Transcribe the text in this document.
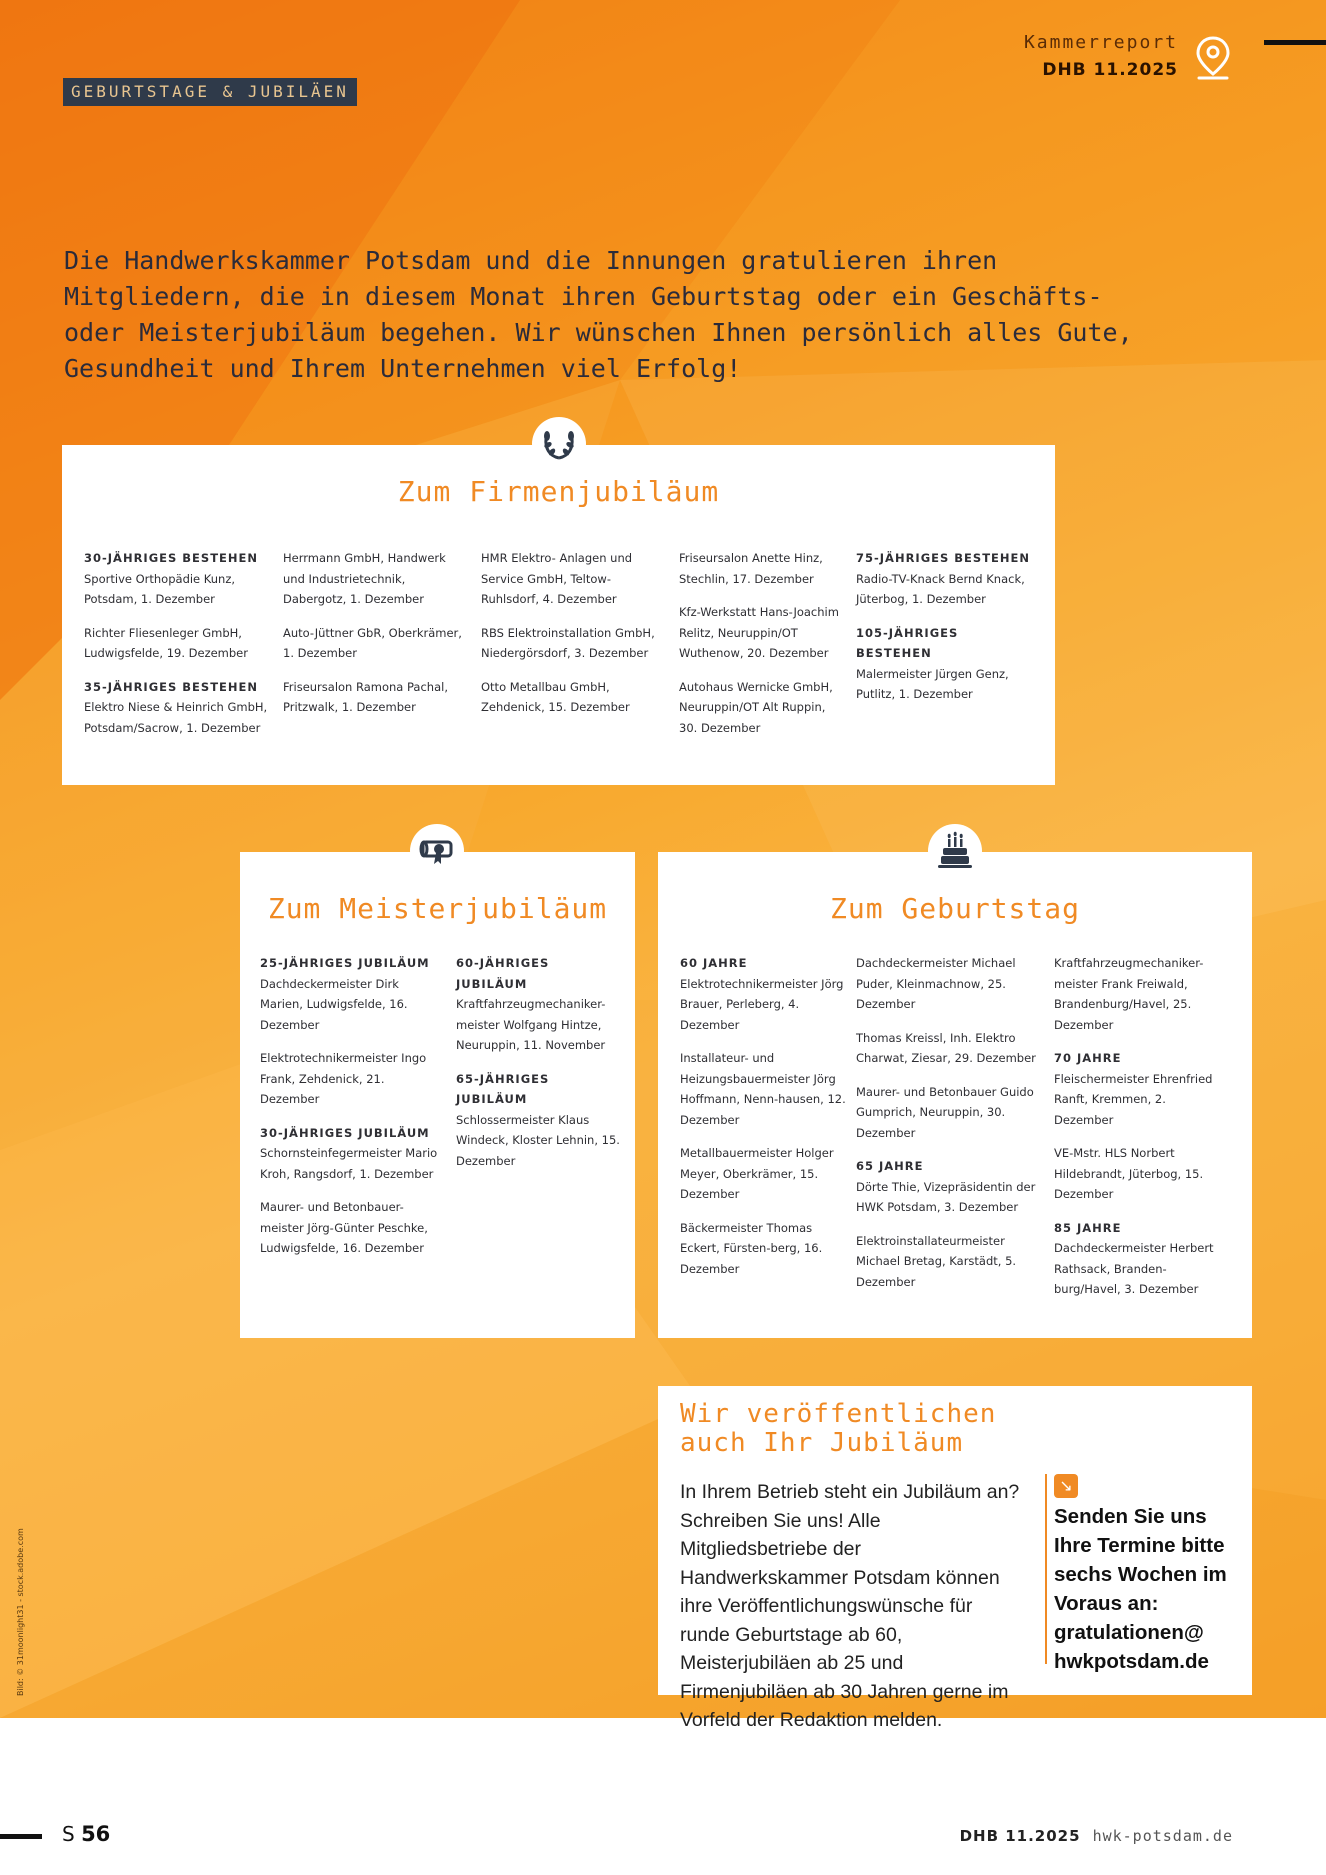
Kammerreport
DHB 11.2025
GEBURTSTAGE & JUBILÄEN
Die Handwerkskammer Potsdam und die Innungen gratulieren ihren Mitgliedern, die in diesem Monat ihren Geburtstag oder ein Geschäfts- oder Meisterjubiläum begehen. Wir wünschen Ihnen persönlich alles Gute, Gesundheit und Ihrem Unternehmen viel Erfolg!
Zum Firmenjubiläum
30-JÄHRIGES BESTEHEN
Sportive Orthopädie Kunz, Potsdam, 1. Dezember
Richter Fliesenleger GmbH, Ludwigsfelde, 19. Dezember
35-JÄHRIGES BESTEHEN
Elektro Niese & Heinrich GmbH, Potsdam/Sacrow, 1. Dezember
Herrmann GmbH, Handwerk und Industrietechnik, Dabergotz, 1. Dezember
Auto-Jüttner GbR, Oberkrämer, 1. Dezember
Friseursalon Ramona Pachal, Pritzwalk, 1. Dezember
HMR Elektro- Anlagen und Service GmbH, Teltow-Ruhlsdorf, 4. Dezember
RBS Elektroinstallation GmbH, Niedergörsdorf, 3. Dezember
Otto Metallbau GmbH, Zehdenick, 15. Dezember
Friseursalon Anette Hinz, Stechlin, 17. Dezember
Kfz-Werkstatt Hans-Joachim Relitz, Neuruppin/OT Wuthenow, 20. Dezember
Autohaus Wernicke GmbH, Neuruppin/OT Alt Ruppin, 30. Dezember
75-JÄHRIGES BESTEHEN
Radio-TV-Knack Bernd Knack, Jüterbog, 1. Dezember
105-JÄHRIGES BESTEHEN
Malermeister Jürgen Genz, Putlitz, 1. Dezember
Zum Meisterjubiläum
25-JÄHRIGES JUBILÄUM
Dachdeckermeister Dirk Marien, Ludwigsfelde, 16. Dezember
Elektrotechnikermeister Ingo Frank, Zehdenick, 21. Dezember
30-JÄHRIGES JUBILÄUM
Schornsteinfegermeister Mario Kroh, Rangsdorf, 1. Dezember
Maurer- und Betonbauer-meister Jörg-Günter Peschke, Ludwigsfelde, 16. Dezember
60-JÄHRIGES JUBILÄUM
Kraftfahrzeugmechaniker-meister Wolfgang Hintze, Neuruppin, 11. November
65-JÄHRIGES JUBILÄUM
Schlossermeister Klaus Windeck, Kloster Lehnin, 15. Dezember
Zum Geburtstag
60 JAHRE
Elektrotechnikermeister Jörg Brauer, Perleberg, 4. Dezember
Installateur- und Heizungsbauermeister Jörg Hoffmann, Nenn-hausen, 12. Dezember
Metallbauermeister Holger Meyer, Oberkrämer, 15. Dezember
Bäckermeister Thomas Eckert, Fürsten-berg, 16. Dezember
Dachdeckermeister Michael Puder, Kleinmachnow, 25. Dezember
Thomas Kreissl, Inh. Elektro Charwat, Ziesar, 29. Dezember
Maurer- und Betonbauer Guido Gumprich, Neuruppin, 30. Dezember
65 JAHRE
Dörte Thie, Vizepräsidentin der HWK Potsdam, 3. Dezember
Elektroinstallateurmeister Michael Bretag, Karstädt, 5. Dezember
Kraftfahrzeugmechaniker-meister Frank Freiwald, Brandenburg/Havel, 25. Dezember
70 JAHRE
Fleischermeister Ehrenfried Ranft, Kremmen, 2. Dezember
VE-Mstr. HLS Norbert Hildebrandt, Jüterbog, 15. Dezember
85 JAHRE
Dachdeckermeister Herbert Rathsack, Branden-burg/Havel, 3. Dezember
Wir veröffentlichen
auch Ihr Jubiläum
In Ihrem Betrieb steht ein Jubiläum an? Schreiben Sie uns! Alle Mitgliedsbetriebe der Handwerkskammer Potsdam können ihre Veröffentlichungswünsche für runde Geburtstage ab 60, Meisterjubiläen ab 25 und Firmenjubiläen ab 30 Jahren gerne im Vorfeld der Redaktion melden.
↘
Senden Sie uns Ihre Termine bitte sechs Wochen im Voraus an: gratulationen@ hwkpotsdam.de
Bild: © 31moonlight31 - stock.adobe.com
S 56	DHB 11.2025 hwk-potsdam.de
